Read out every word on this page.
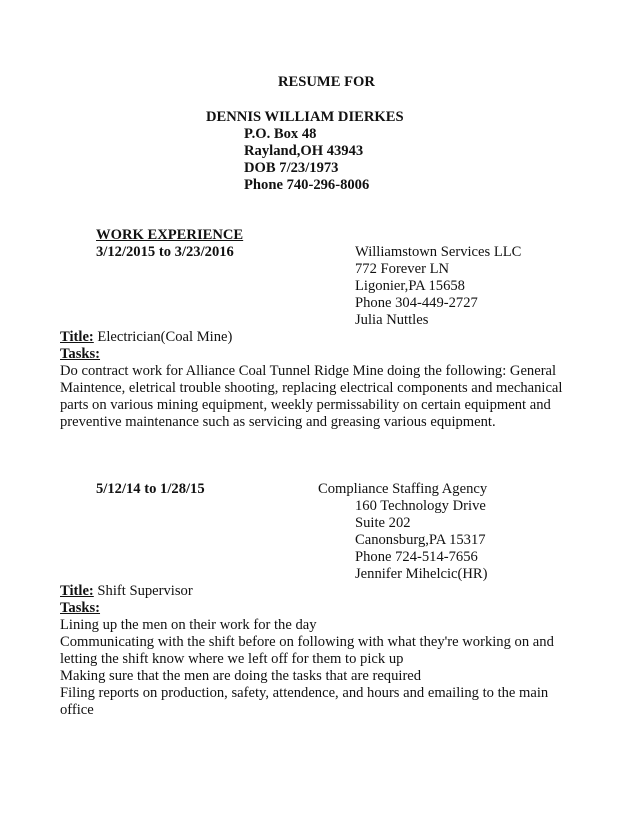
RESUME FOR
DENNIS WILLIAM DIERKES
P.O. Box 48
Rayland,OH 43943
DOB 7/23/1973
Phone 740-296-8006
WORK EXPERIENCE
3/12/2015 to 3/23/2016	Williamstown Services LLC
772 Forever LN
Ligonier,PA 15658
Phone 304-449-2727
Julia Nuttles
Title: Electrician(Coal Mine)
Tasks:
Do contract work for Alliance Coal Tunnel Ridge Mine doing the following: General
Maintence, eletrical trouble shooting, replacing electrical components and mechanical
parts on various mining equipment, weekly permissability on certain equipment and
preventive maintenance such as servicing and greasing various equipment.
5/12/14 to 1/28/15	Compliance Staffing Agency
160 Technology Drive
Suite 202
Canonsburg,PA 15317
Phone 724-514-7656
Jennifer Mihelcic(HR)
Title: Shift Supervisor
Tasks:
Lining up the men on their work for the day
Communicating with the shift before on following with what they're working on and
letting the shift know where we left off for them to pick up
Making sure that the men are doing the tasks that are required
Filing reports on production, safety, attendence, and hours and emailing to the main
office
